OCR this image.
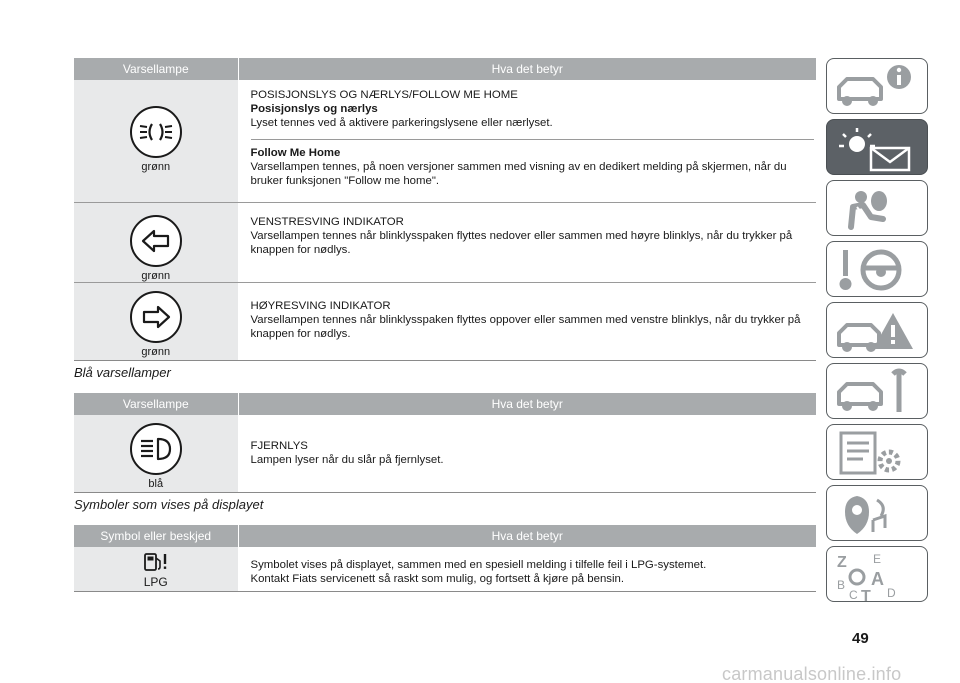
Varsellampe	Hva det betyr

grønn	POSISJONSLYS OG NÆRLYS/FOLLOW ME HOME
Posisjonslys og nærlys
Lyset tennes ved å aktivere parkeringslysene eller nærlyset.
Follow Me Home
Varsellampen tennes, på noen versjoner sammen med visning av en dedikert melding på skjermen, når du bruker funksjonen "Follow me home".

grønn	VENSTRESVING INDIKATOR
Varsellampen tennes når blinklysspaken flyttes nedover eller sammen med høyre blinklys, når du trykker på knappen for nødlys.

grønn	HØYRESVING INDIKATOR
Varsellampen tennes når blinklysspaken flyttes oppover eller sammen med venstre blinklys, når du trykker på knappen for nødlys.
Blå varsellamper
Varsellampe	Hva det betyr

blå	FJERNLYS
Lampen lyser når du slår på fjernlyset.
Symboler som vises på displayet
Symbol eller beskjed	Hva det betyr

LPG	Symbolet vises på displayet, sammen med en spesiell melding i tilfelle feil i LPG-systemet.
Kontakt Fiats servicenett så raskt som mulig, og fortsett å kjøre på bensin.
Z E
B A
C T D
49
carmanualsonline.info
